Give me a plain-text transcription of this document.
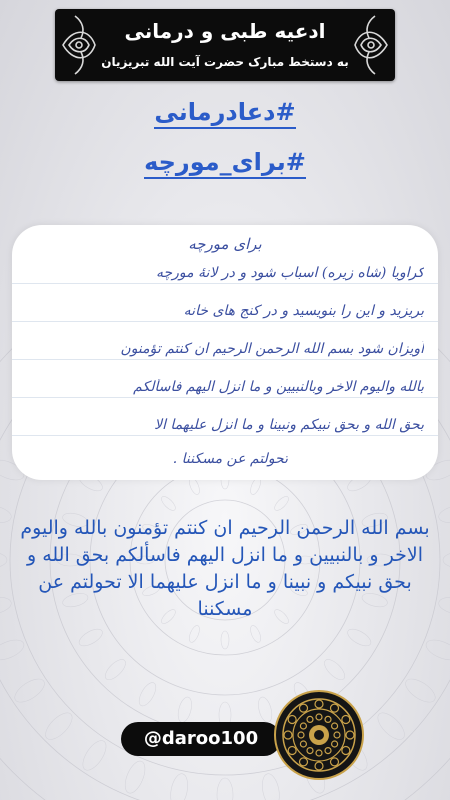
ادعیه طبی و درمانی
به دستخط مبارک حضرت آیت الله تبریزیان
#دعادرمانی
#برای_مورچه
برای مورچه
کراویا (شاه زیره) اسباب شود و در لانۀ مورچه
بریزید و این را بنویسید و در کنج های خانه
آویزان شود بسم الله الرحمن الرحیم ان کنتم تؤمنون
بالله والیوم الاخر وبالنبیین و ما انزل الیهم فاسألکم
بحق الله و بحق نبیکم ونبینا و ما انزل علیهما الا
تحولتم عن مسکننا .
بسم الله الرحمن الرحیم ان کنتم تؤمنون بالله والیوم الاخر و بالنبیین و ما انزل الیهم فاسألکم بحق الله و بحق نبیکم و نبینا و ما انزل علیهما الا تحولتم عن مسکننا
@daroo100
